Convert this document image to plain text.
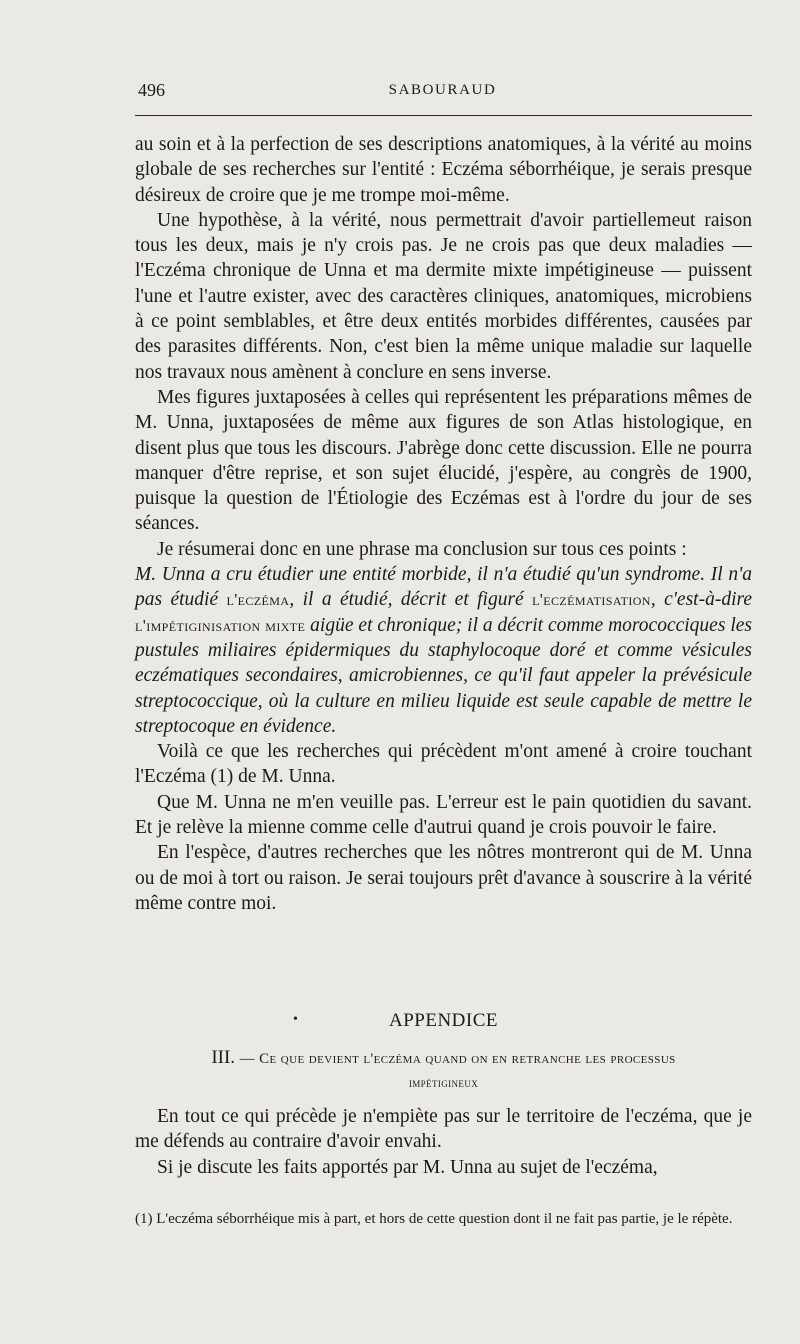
496	SABOURAUD

au soin et à la perfection de ses descriptions anatomiques, à la vérité au moins globale de ses recherches sur l'entité : Eczéma séborrhéique, je serais presque désireux de croire que je me trompe moi-même.

Une hypothèse, à la vérité, nous permettrait d'avoir partiellemeut raison tous les deux, mais je n'y crois pas. Je ne crois pas que deux maladies — l'Eczéma chronique de Unna et ma dermite mixte impétigineuse — puissent l'une et l'autre exister, avec des caractères cliniques, anatomiques, microbiens à ce point semblables, et être deux entités morbides différentes, causées par des parasites différents. Non, c'est bien la même unique maladie sur laquelle nos travaux nous amènent à conclure en sens inverse.

Mes figures juxtaposées à celles qui représentent les préparations mêmes de M. Unna, juxtaposées de même aux figures de son Atlas histologique, en disent plus que tous les discours. J'abrège donc cette discussion. Elle ne pourra manquer d'être reprise, et son sujet élucidé, j'espère, au congrès de 1900, puisque la question de l'Étiologie des Eczémas est à l'ordre du jour de ses séances.

Je résumerai donc en une phrase ma conclusion sur tous ces points :

M. Unna a cru étudier une entité morbide, il n'a étudié qu'un syndrome. Il n'a pas étudié l'eczéma, il a étudié, décrit et figuré l'eczématisation, c'est-à-dire l'impétiginisation mixte aigüe et chronique; il a décrit comme morococciques les pustules miliaires épidermiques du staphylocoque doré et comme vésicules eczématiques secondaires, amicrobiennes, ce qu'il faut appeler la prévésicule streptococcique, où la culture en milieu liquide est seule capable de mettre le streptocoque en évidence.

Voilà ce que les recherches qui précèdent m'ont amené à croire touchant l'Eczéma (1) de M. Unna.

Que M. Unna ne m'en veuille pas. L'erreur est le pain quotidien du savant. Et je relève la mienne comme celle d'autrui quand je crois pouvoir le faire.

En l'espèce, d'autres recherches que les nôtres montreront qui de M. Unna ou de moi à tort ou raison. Je serai toujours prêt d'avance à souscrire à la vérité même contre moi.

•	APPENDICE
III. — Ce que devient l'eczéma quand on en retranche les processus
impétigineux

En tout ce qui précède je n'empiète pas sur le territoire de l'eczéma, que je me défends au contraire d'avoir envahi.

Si je discute les faits apportés par M. Unna au sujet de l'eczéma,

(1) L'eczéma séborrhéique mis à part, et hors de cette question dont il ne fait pas partie, je le répète.
